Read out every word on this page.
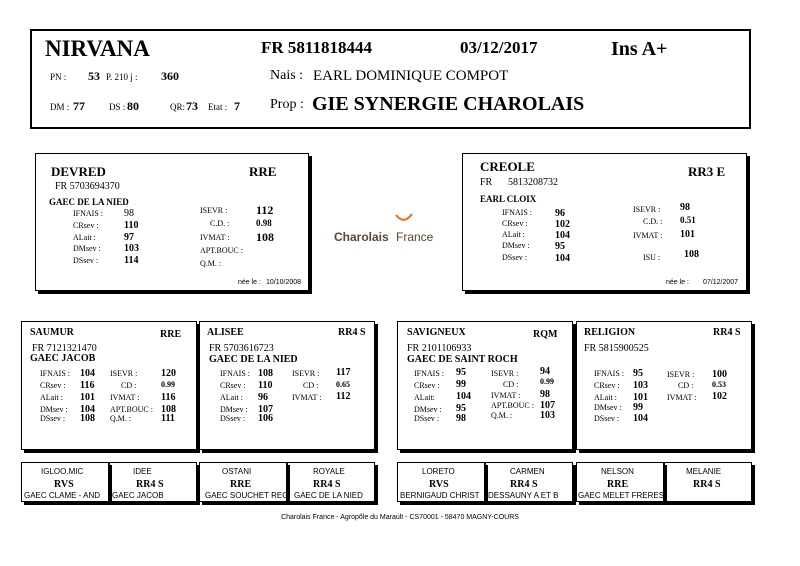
NIRVANA	FR 5811818444	03/12/2017	Ins A+
PN : 53 P. 210 j : 360	Nais : EARL DOMINIQUE COMPOT
DM : 77	DS : 80	QR: 73 Etat : 7 Prop : GIE SYNERGIE CHAROLAIS
DEVRED	RRE
FR 5703694370
GAEC DE LA NIED
IFNAIS : 98
CRsev :	110
ALait :	97
DMsev : 103
DSsev :	114
ISEVR : 112
C.D. :	0.98
IVMAT : 108
APT.BOUC :
Q.M. :
née le : 10/10/2008
Charolais France
CREOLE	RR3 E
FR 5813208732
EARL CLOIX
IFNAIS : 96
CRsev :	102
ALait :	104
DMsev :	95
DSsev :	104
ISEVR : 98
C.D. : 0.51
IVMAT : 101
ISU : 108
née le : 07/12/2007
SAUMUR	RRE
FR 7121321470
GAEC JACOB
IFNAIS : 104
CRsev : 116
ALait : 101
DMsev : 104
DSsev : 108
ISEVR : 120
CD :	0.99
IVMAT : 116
APT.BOUC : 108
Q.M. :	111
ALISEE	RR4 S
FR 5703616723
GAEC DE LA NIED
IFNAIS : 108
CRsev : 110
ALait : 96
DMsev : 107
DSsev : 106
ISEVR : 117
CD : 0.65
IVMAT : 112
SAVIGNEUX	RQM
FR 2101106933
GAEC DE SAINT ROCH
IFNAIS : 95
CRsev : 99
ALait: 104
DMsev : 95
DSsev : 98
ISEVR : 94
CD :	0.99
IVMAT : 98
APT.BOUC : 107
Q.M. :	103
RELIGION	RR4 S
FR 5815900525
IFNAIS : 95
CRsev : 103
ALait : 101
DMsev : 99
DSsev : 104
ISEVR : 100
CD : 0.53
IVMAT : 102
IGLOO.MIC
RVS
GAEC CLAME - AND
IDEE
RR4 S
GAEC JACOB
OSTANI
RRE
GAEC SOUCHET REGI
ROYALE
RR4 S
GAEC DE LA NIED
LORETO
RVS
BERNIGAUD CHRIST
CARMEN
RR4 S
DESSAUNY A ET B
NELSON
RRE
GAEC MELET FRERES
MELANIE
RR4 S
Charolais France - Agropôle du Marault - CS70001 - 58470 MAGNY-COURS
